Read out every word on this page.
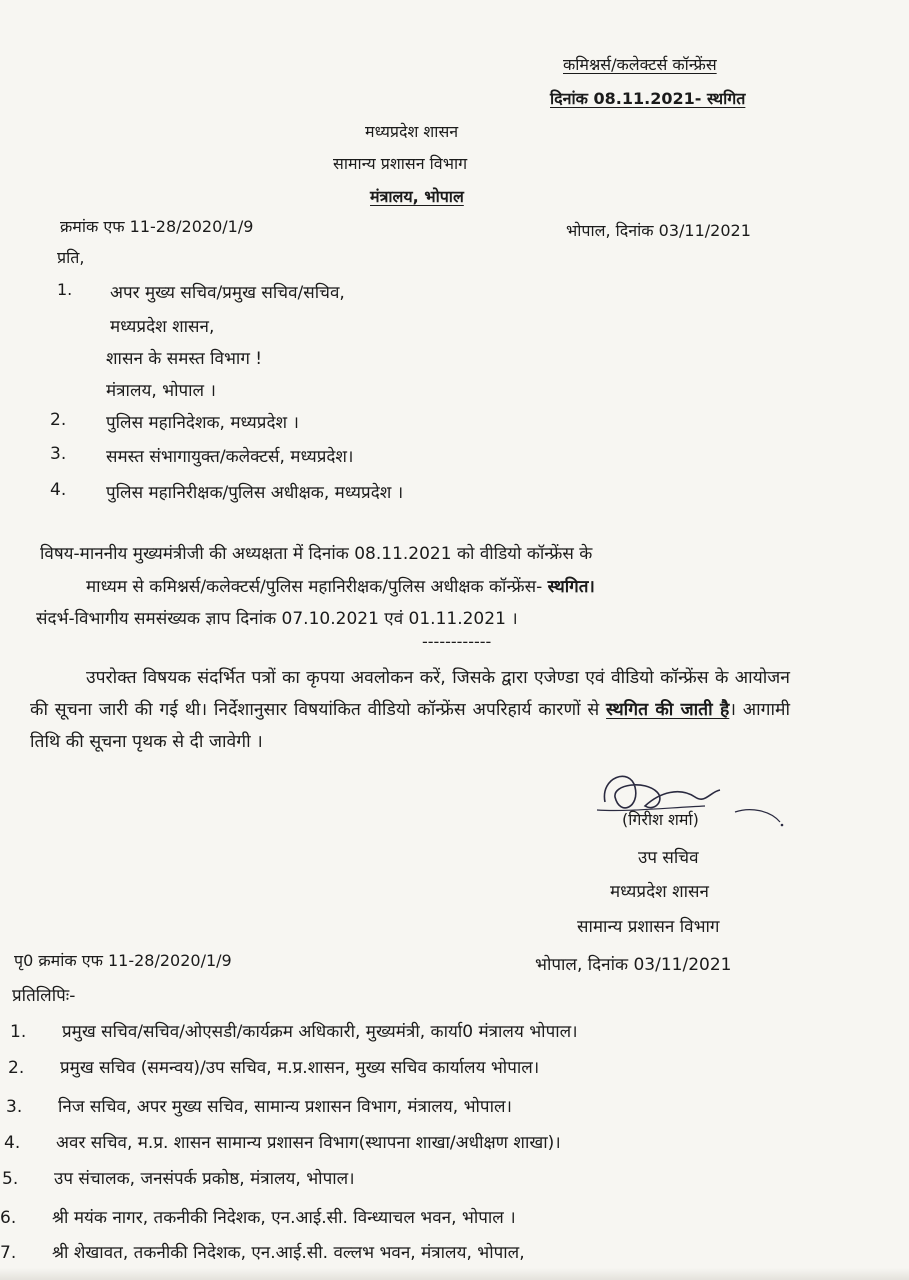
कमिश्नर्स/कलेक्टर्स कॉन्फ्रेंस
दिनांक 08.11.2021- स्थगित
मध्यप्रदेश शासन
सामान्य प्रशासन विभाग
मंत्रालय, भोपाल
क्रमांक एफ 11-28/2020/1/9	भोपाल, दिनांक 03/11/2021
प्रति,
1. अपर मुख्य सचिव/प्रमुख सचिव/सचिव,
मध्यप्रदेश शासन,
शासन के समस्त विभाग !
मंत्रालय, भोपाल ।
2. पुलिस महानिदेशक, मध्यप्रदेश ।
3. समस्त संभागायुक्त/कलेक्टर्स, मध्यप्रदेश।
4. पुलिस महानिरीक्षक/पुलिस अधीक्षक, मध्यप्रदेश ।
विषय-माननीय मुख्यमंत्रीजी की अध्यक्षता में दिनांक 08.11.2021 को वीडियो कॉन्फ्रेंस के
माध्यम से कमिश्नर्स/कलेक्टर्स/पुलिस महानिरीक्षक/पुलिस अधीक्षक कॉन्फ्रेंस- स्थगित।
संदर्भ-विभागीय समसंख्यक ज्ञाप दिनांक 07.10.2021 एवं 01.11.2021 ।
------------
उपरोक्त विषयक संदर्भित पत्रों का कृपया अवलोकन करें, जिसके द्वारा एजेण्डा एवं वीडियो कॉन्फ्रेंस के आयोजन की सूचना जारी की गई थी। निर्देशानुसार विषयांकित वीडियो कॉन्फ्रेंस अपरिहार्य कारणों से स्थगित की जाती है। आगामी तिथि की सूचना पृथक से दी जावेगी ।
(गिरीश शर्मा)
उप सचिव
मध्यप्रदेश शासन
सामान्य प्रशासन विभाग
पृ0 क्रमांक एफ 11-28/2020/1/9	भोपाल, दिनांक 03/11/2021
प्रतिलिपिः-
1. प्रमुख सचिव/सचिव/ओएसडी/कार्यक्रम अधिकारी, मुख्यमंत्री, कार्या0 मंत्रालय भोपाल।
2. प्रमुख सचिव (समन्वय)/उप सचिव, म.प्र.शासन, मुख्य सचिव कार्यालय भोपाल।
3. निज सचिव, अपर मुख्य सचिव, सामान्य प्रशासन विभाग, मंत्रालय, भोपाल।
4. अवर सचिव, म.प्र. शासन सामान्य प्रशासन विभाग(स्थापना शाखा/अधीक्षण शाखा)।
5. उप संचालक, जनसंपर्क प्रकोष्ठ, मंत्रालय, भोपाल।
6. श्री मयंक नागर, तकनीकी निदेशक, एन.आई.सी. विन्ध्याचल भवन, भोपाल ।
7. श्री शेखावत, तकनीकी निदेशक, एन.आई.सी. वल्लभ भवन, मंत्रालय, भोपाल,
